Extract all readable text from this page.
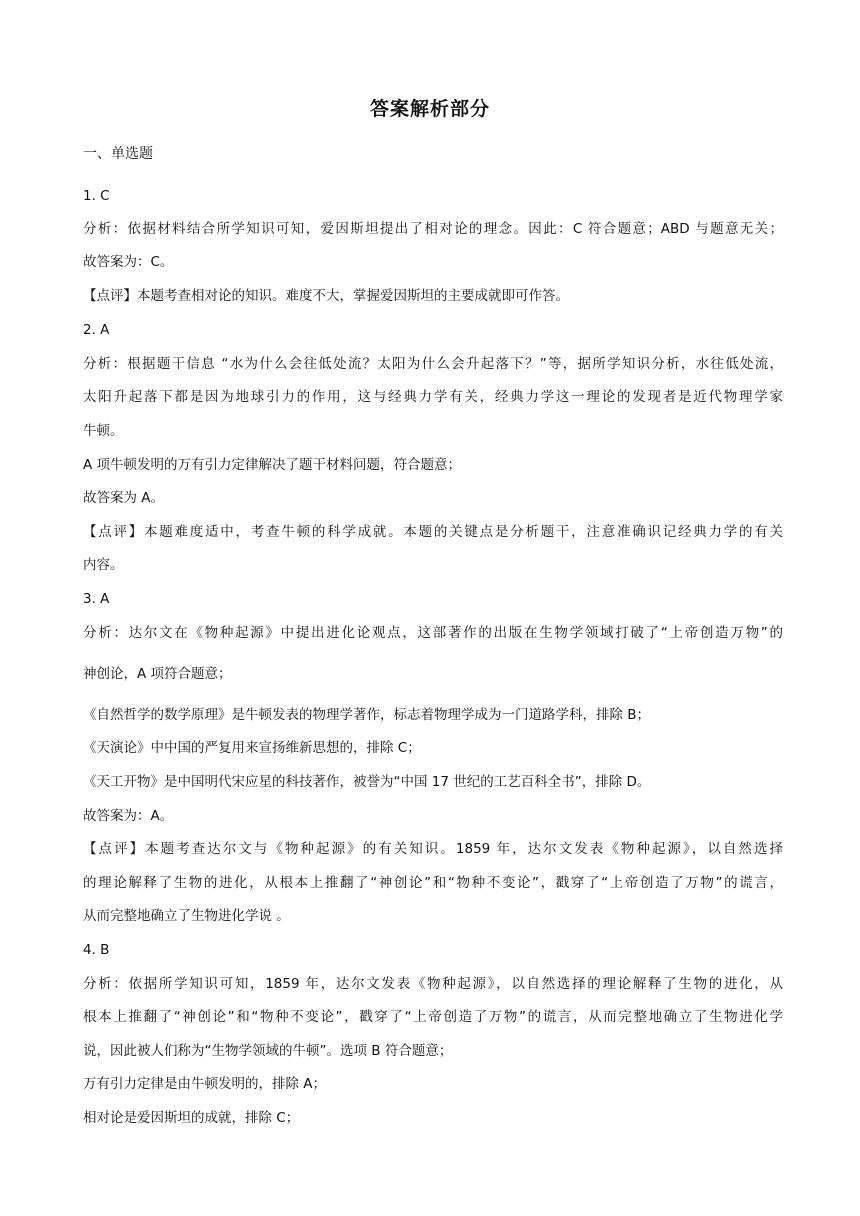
答案解析部分
一、单选题
1. C
分析：依据材料结合所学知识可知，爱因斯坦提出了相对论的理念。因此：C 符合题意；ABD 与题意无关；
故答案为：C。
【点评】本题考查相对论的知识。难度不大，掌握爱因斯坦的主要成就即可作答。
2. A
分析：根据题干信息 “水为什么会往低处流？太阳为什么会升起落下？”等，据所学知识分析，水往低处流，
太阳升起落下都是因为地球引力的作用，这与经典力学有关，经典力学这一理论的发现者是近代物理学家
牛顿。
A 项牛顿发明的万有引力定律解决了题干材料问题，符合题意；
故答案为 A。
【点评】本题难度适中，考查牛顿的科学成就。本题的关键点是分析题干，注意准确识记经典力学的有关
内容。
3. A
分析：达尔文在《物种起源》中提出进化论观点，这部著作的出版在生物学领域打破了“上帝创造万物”的
神创论，A 项符合题意；
《自然哲学的数学原理》是牛顿发表的物理学著作，标志着物理学成为一门道路学科，排除 B；
《天演论》中中国的严复用来宣扬维新思想的，排除 C；
《天工开物》是中国明代宋应星的科技著作，被誉为“中国 17 世纪的工艺百科全书”，排除 D。
故答案为：A。
【点评】本题考查达尔文与《物种起源》的有关知识。1859 年，达尔文发表《物种起源》，以自然选择
的理论解释了生物的进化，从根本上推翻了“神创论”和“物种不变论”，戳穿了“上帝创造了万物”的谎言，
从而完整地确立了生物进化学说 。
4. B
分析：依据所学知识可知，1859 年，达尔文发表《物种起源》，以自然选择的理论解释了生物的进化，从
根本上推翻了“神创论”和“物种不变论”，戳穿了“上帝创造了万物”的谎言，从而完整地确立了生物进化学
说，因此被人们称为“生物学领域的牛顿”。选项 B 符合题意；
万有引力定律是由牛顿发明的，排除 A；
相对论是爱因斯坦的成就，排除 C；
